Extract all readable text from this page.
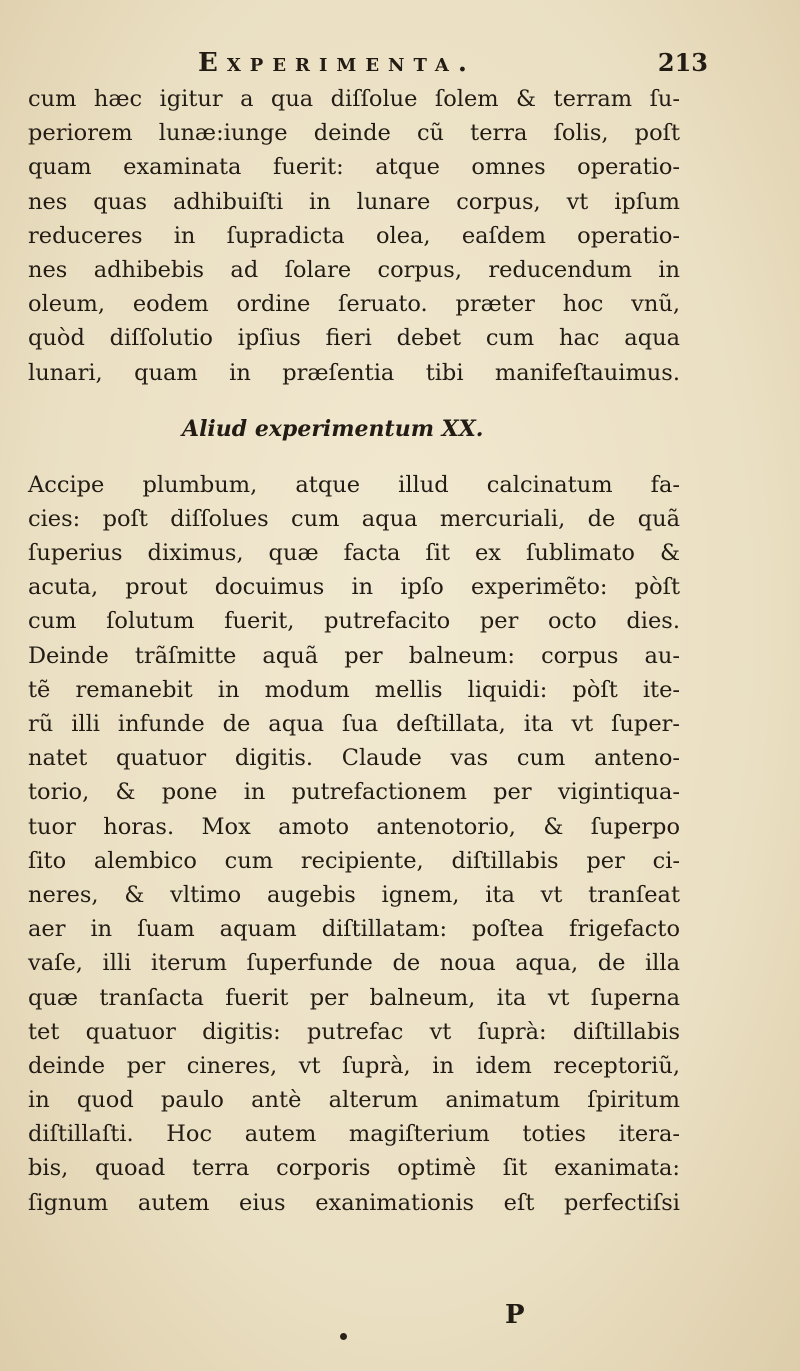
Experimenta.	213
cum hæc igitur a qua diſſolue ſolem & terram ſu-
periorem lunæ:iunge deinde cũ terra ſolis, poſt
quam examinata fuerit: atque omnes operatio-
nes quas adhibuiſti in lunare corpus, vt ipſum
reduceres in ſupradicta olea, eaſdem operatio-
nes adhibebis ad ſolare corpus, reducendum in
oleum, eodem ordine ſeruato. præter hoc vnũ,
quòd diſſolutio ipſius fieri debet cum hac aqua
lunari, quam in præſentia tibi manifeſtauimus.
Aliud experimentum XX.
Accipe plumbum, atque illud calcinatum fa-
cies: poſt diſſolues cum aqua mercuriali, de quã
ſuperius diximus, quæ facta ſit ex ſublimato &
acuta, prout docuimus in ipſo experimẽto: pòſt
cum ſolutum fuerit, putrefacito per octo dies.
Deinde trãſmitte aquã per balneum: corpus au-
tẽ remanebit in modum mellis liquidi: pòſt ite-
rũ illi infunde de aqua ſua deſtillata, ita vt ſuper-
natet quatuor digitis. Claude vas cum anteno-
torio, & pone in putrefactionem per vigintiqua-
tuor horas. Mox amoto antenotorio, & ſuperpo
ſito alembico cum recipiente, diſtillabis per ci-
neres, & vltimo augebis ignem, ita vt tranſeat
aer in ſuam aquam diſtillatam: poſtea frigefacto
vaſe, illi iterum ſuperfunde de noua aqua, de illa
quæ tranſacta fuerit per balneum, ita vt ſuperna
tet quatuor digitis: putrefac vt ſuprà: diſtillabis
deinde per cineres, vt ſuprà, in idem receptoriũ,
in quod paulo antè alterum animatum ſpiritum
diſtillaſti. Hoc autem magiſterium toties itera-
bis, quoad terra corporis optimè ſit exanimata:
ſignum autem eius exanimationis eſt perfectiſsi
P
